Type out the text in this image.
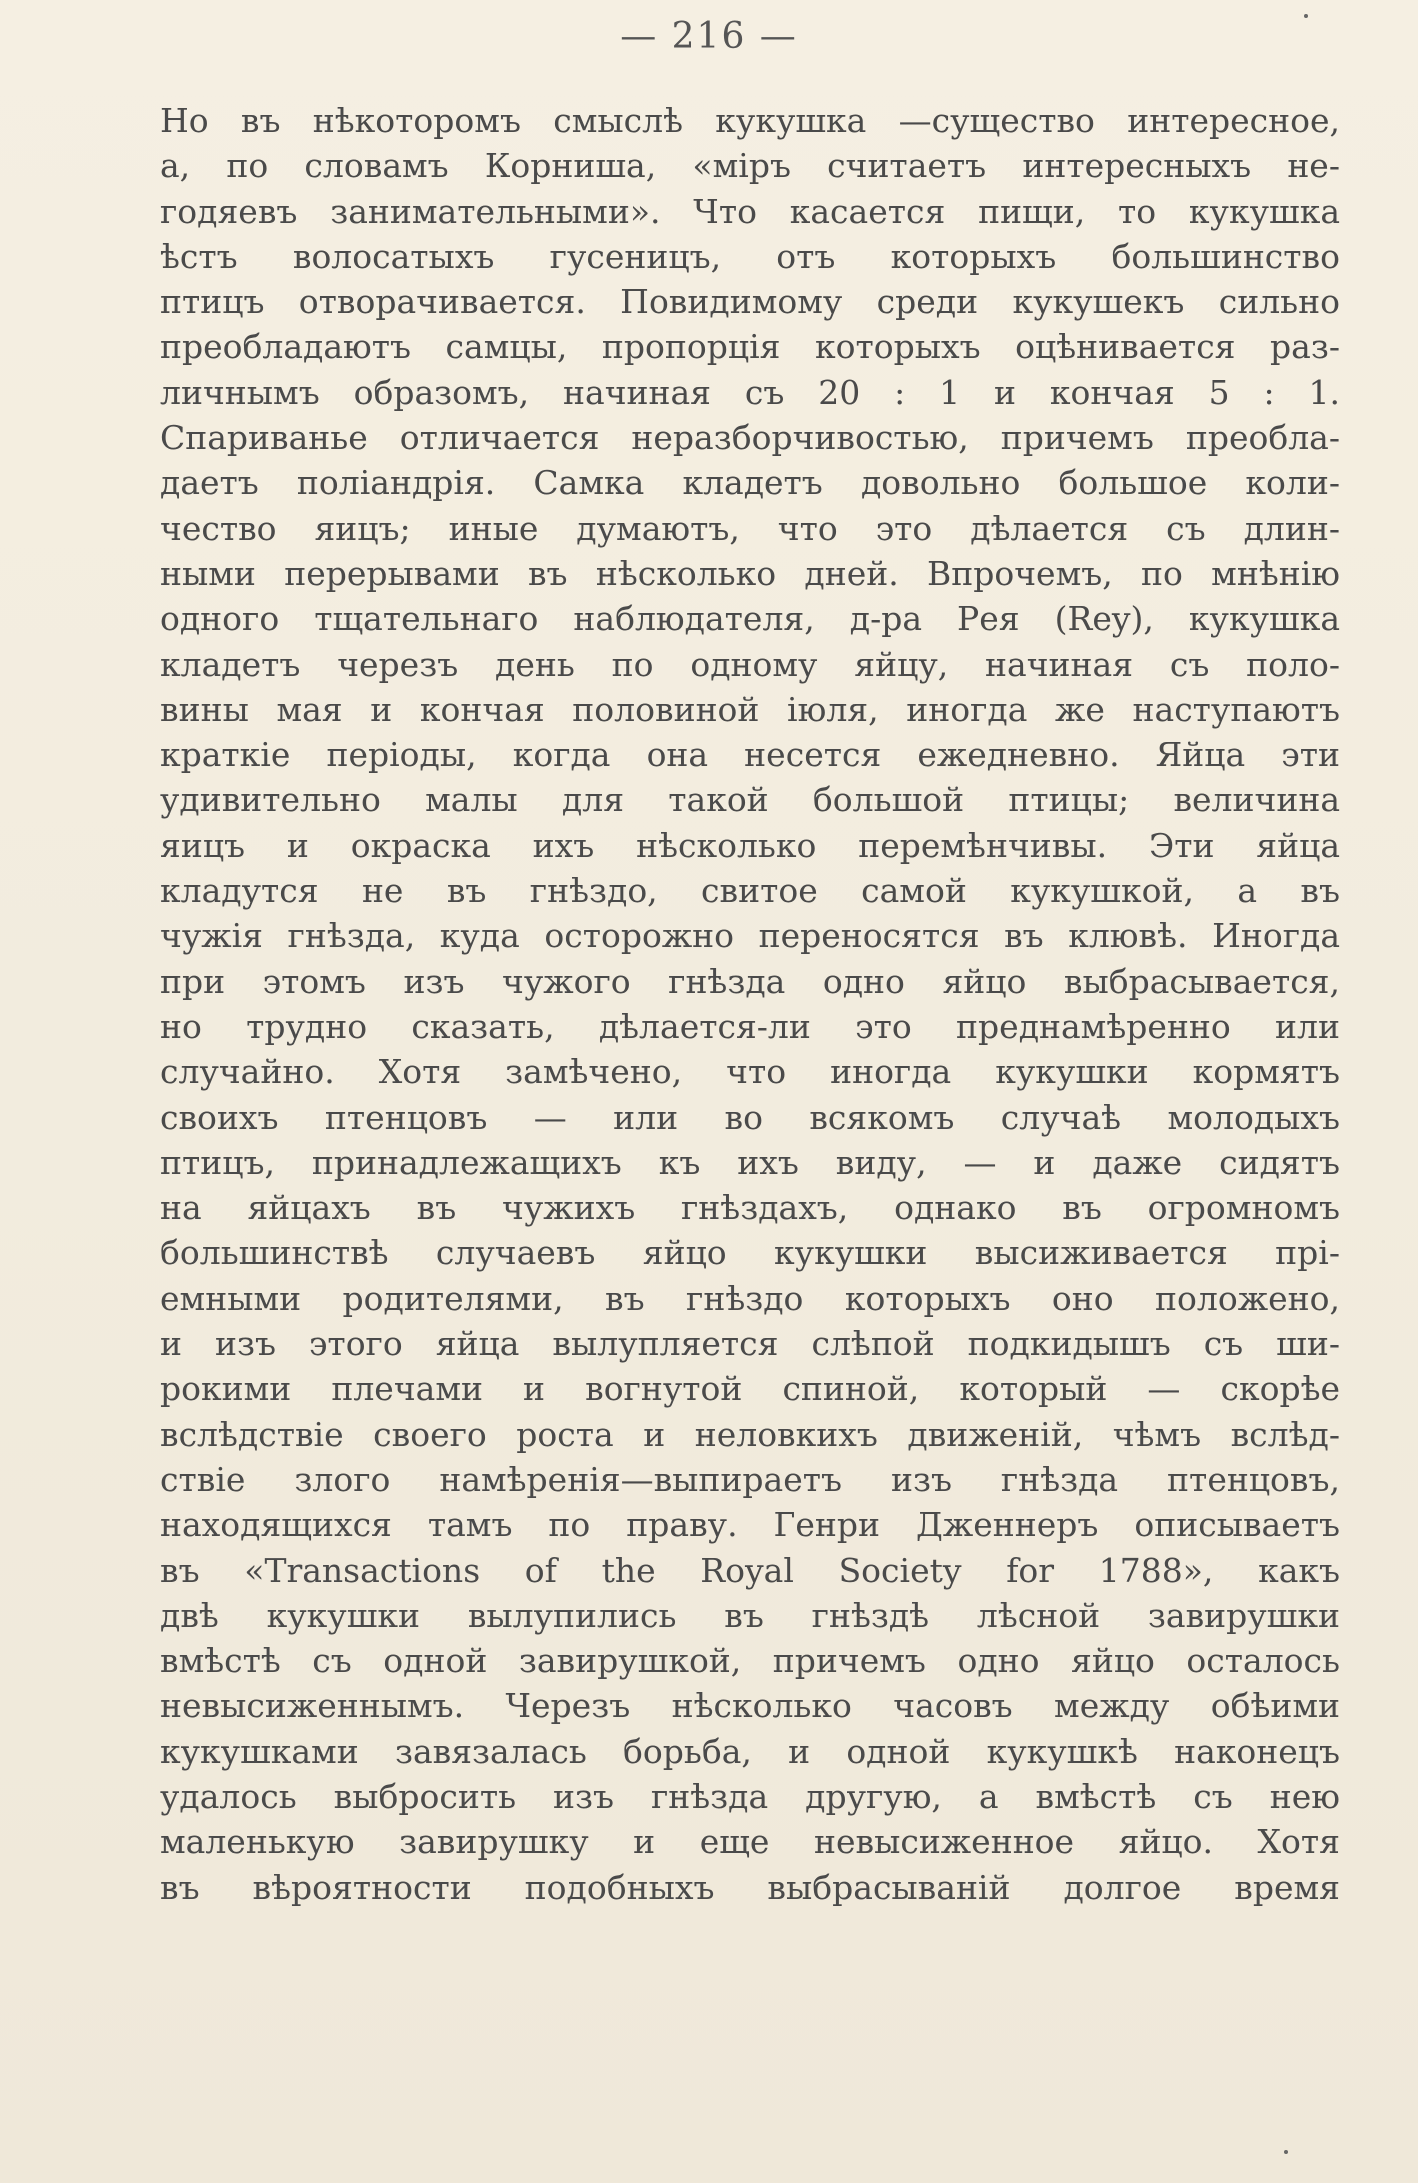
— 216 —
Но въ нѣкоторомъ смыслѣ кукушка —существо интересное,
а, по словамъ Корниша, «міръ считаетъ интересныхъ не-
годяевъ занимательными». Что касается пищи, то кукушка
ѣстъ волосатыхъ гусеницъ, отъ которыхъ большинство
птицъ отворачивается. Повидимому среди кукушекъ сильно
преобладаютъ самцы, пропорція которыхъ оцѣнивается раз-
личнымъ образомъ, начиная съ 20 : 1 и кончая 5 : 1.
Спариванье отличается неразборчивостью, причемъ преобла-
даетъ поліандрія. Самка кладетъ довольно большое коли-
чество яицъ; иные думаютъ, что это дѣлается съ длин-
ными перерывами въ нѣсколько дней. Впрочемъ, по мнѣнію
одного тщательнаго наблюдателя, д-ра Рея (Rey), кукушка
кладетъ черезъ день по одному яйцу, начиная съ поло-
вины мая и кончая половиной іюля, иногда же наступаютъ
краткіе періоды, когда она несется ежедневно. Яйца эти
удивительно малы для такой большой птицы; величина
яицъ и окраска ихъ нѣсколько перемѣнчивы. Эти яйца
кладутся не въ гнѣздо, свитое самой кукушкой, а въ
чужія гнѣзда, куда осторожно переносятся въ клювѣ. Иногда
при этомъ изъ чужого гнѣзда одно яйцо выбрасывается,
но трудно сказать, дѣлается-ли это преднамѣренно или
случайно. Хотя замѣчено, что иногда кукушки кормятъ
своихъ птенцовъ — или во всякомъ случаѣ молодыхъ
птицъ, принадлежащихъ къ ихъ виду, — и даже сидятъ
на яйцахъ въ чужихъ гнѣздахъ, однако въ огромномъ
большинствѣ случаевъ яйцо кукушки высиживается прі-
емными родителями, въ гнѣздо которыхъ оно положено,
и изъ этого яйца вылупляется слѣпой подкидышъ съ ши-
рокими плечами и вогнутой спиной, который — скорѣе
вслѣдствіе своего роста и неловкихъ движеній, чѣмъ вслѣд-
ствіе злого намѣренія—выпираетъ изъ гнѣзда птенцовъ,
находящихся тамъ по праву. Генри Дженнеръ описываетъ
въ «Transactions of the Royal Society for 1788», какъ
двѣ кукушки вылупились въ гнѣздѣ лѣсной завирушки
вмѣстѣ съ одной завирушкой, причемъ одно яйцо осталось
невысиженнымъ. Черезъ нѣсколько часовъ между обѣими
кукушками завязалась борьба, и одной кукушкѣ наконецъ
удалось выбросить изъ гнѣзда другую, а вмѣстѣ съ нею
маленькую завирушку и еще невысиженное яйцо. Хотя
въ вѣроятности подобныхъ выбрасываній долгое время
